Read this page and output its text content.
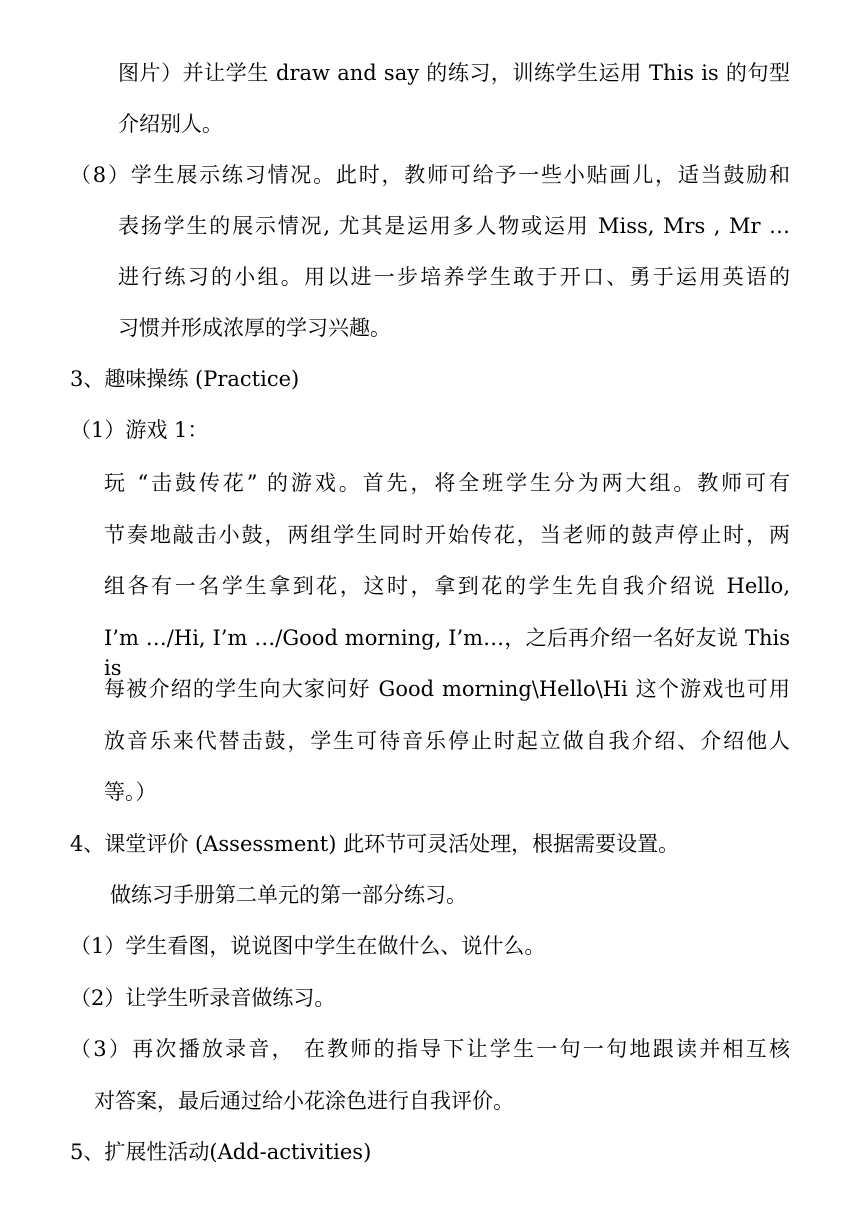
图片）并让学生 draw and say 的练习，训练学生运用 This is 的句型
介绍别人。
（8）学生展示练习情况。此时，教师可给予一些小贴画儿，适当鼓励和
表扬学生的展示情况, 尤其是运用多人物或运用 Miss, Mrs , Mr …
进行练习的小组。用以进一步培养学生敢于开口、勇于运用英语的
习惯并形成浓厚的学习兴趣。
3、趣味操练 (Practice)
（1）游戏 1：
玩 “击鼓传花” 的游戏。首先，将全班学生分为两大组。教师可有
节奏地敲击小鼓，两组学生同时开始传花，当老师的鼓声停止时，两
组各有一名学生拿到花，这时，拿到花的学生先自我介绍说 Hello,
I’m …/Hi, I’m …/Good morning, I’m…，之后再介绍一名好友说 This is
每被介绍的学生向大家问好 Good morning\Hello\Hi 这个游戏也可用
放音乐来代替击鼓，学生可待音乐停止时起立做自我介绍、介绍他人
等。）
4、课堂评价 (Assessment) 此环节可灵活处理，根据需要设置。
做练习手册第二单元的第一部分练习。
（1）学生看图，说说图中学生在做什么、说什么。
（2）让学生听录音做练习。
（3）再次播放录音， 在教师的指导下让学生一句一句地跟读并相互核
对答案，最后通过给小花涂色进行自我评价。
5、扩展性活动(Add-activities)
